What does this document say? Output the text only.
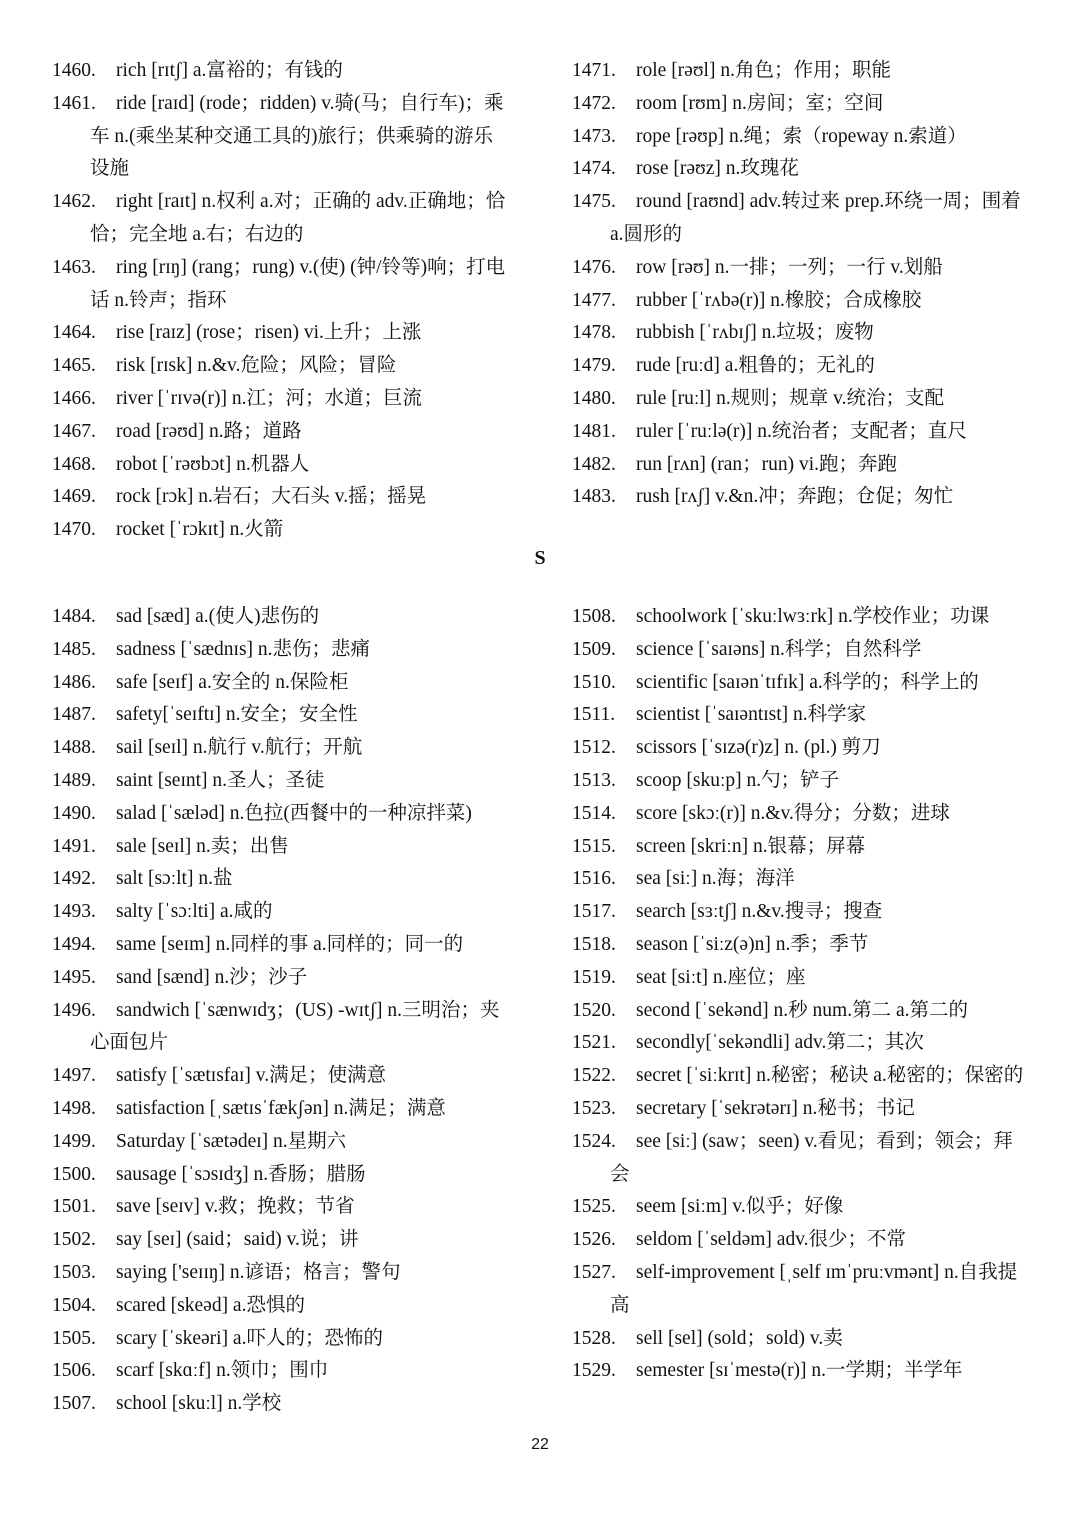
1460.	rich [rɪtʃ] a.富裕的；有钱的
1461.	ride [raɪd] (rode；ridden) v.骑(马；自行车)；乘车 n.(乘坐某种交通工具的)旅行；供乘骑的游乐设施
1462.	right [raɪt] n.权利 a.对；正确的 adv.正确地；恰恰；完全地 a.右；右边的
1463.	ring [rɪŋ] (rang；rung) v.(使) (钟/铃等)响；打电话 n.铃声；指环
1464.	rise [raɪz] (rose；risen) vi.上升；上涨
1465.	risk [rɪsk] n.&v.危险；风险；冒险
1466.	river [ˈrɪvə(r)] n.江；河；水道；巨流
1467.	road [rəʊd] n.路；道路
1468.	robot [ˈrəʊbɔt] n.机器人
1469.	rock [rɔk] n.岩石；大石头 v.摇；摇晃
1470.	rocket [ˈrɔkɪt] n.火箭
1471.	role [rəʊl] n.角色；作用；职能
1472.	room [rʊm] n.房间；室；空间
1473.	rope [rəʊp] n.绳；索（ropeway n.索道）
1474.	rose [rəʊz] n.玫瑰花
1475.	round [raʊnd] adv.转过来 prep.环绕一周；围着 a.圆形的
1476.	row [rəʊ] n.一排；一列；一行 v.划船
1477.	rubber [ˈrʌbə(r)] n.橡胶；合成橡胶
1478.	rubbish [ˈrʌbɪʃ] n.垃圾；废物
1479.	rude [ruːd] a.粗鲁的；无礼的
1480.	rule [ruːl] n.规则；规章 v.统治；支配
1481.	ruler [ˈruːlə(r)] n.统治者；支配者；直尺
1482.	run [rʌn] (ran；run) vi.跑；奔跑
1483.	rush [rʌʃ] v.&n.冲；奔跑；仓促；匆忙
S
1484.	sad [sæd] a.(使人)悲伤的
1485.	sadness [ˈsædnɪs] n.悲伤；悲痛
1486.	safe [seɪf] a.安全的 n.保险柜
1487.	safety[ˈseɪftɪ] n.安全；安全性
1488.	sail [seɪl] n.航行 v.航行；开航
1489.	saint [seɪnt] n.圣人；圣徒
1490.	salad [ˈsæləd] n.色拉(西餐中的一种凉拌菜)
1491.	sale [seɪl] n.卖；出售
1492.	salt [sɔːlt] n.盐
1493.	salty [ˈsɔːlti] a.咸的
1494.	same [seɪm] n.同样的事 a.同样的；同一的
1495.	sand [sænd] n.沙；沙子
1496.	sandwich [ˈsænwɪdʒ；(US) -wɪtʃ] n.三明治；夹心面包片
1497.	satisfy [ˈsætɪsfaɪ] v.满足；使满意
1498.	satisfaction [ˌsætɪsˈfækʃən] n.满足；满意
1499.	Saturday [ˈsætədeɪ] n.星期六
1500.	sausage [ˈsɔsɪdʒ] n.香肠；腊肠
1501.	save [seɪv] v.救；挽救；节省
1502.	say [seɪ] (said；said) v.说；讲
1503.	saying ['seɪɪŋ] n.谚语；格言；警句
1504.	scared [skeəd] a.恐惧的
1505.	scary [ˈskeəri] a.吓人的；恐怖的
1506.	scarf [skɑːf] n.领巾；围巾
1507.	school [skuːl] n.学校
1508.	schoolwork [ˈskuːlwɜːrk] n.学校作业；功课
1509.	science [ˈsaɪəns] n.科学；自然科学
1510.	scientific [saɪənˈtɪfɪk] a.科学的；科学上的
1511.	scientist [ˈsaɪəntɪst] n.科学家
1512.	scissors [ˈsɪzə(r)z] n. (pl.) 剪刀
1513.	scoop [skuːp] n.勺；铲子
1514.	score [skɔː(r)] n.&v.得分；分数；进球
1515.	screen [skriːn] n.银幕；屏幕
1516.	sea [siː] n.海；海洋
1517.	search [sɜːtʃ] n.&v.搜寻；搜查
1518.	season [ˈsiːz(ə)n] n.季；季节
1519.	seat [siːt] n.座位；座
1520.	second [ˈsekənd] n.秒 num.第二 a.第二的
1521.	secondly[ˈsekəndli] adv.第二；其次
1522.	secret [ˈsiːkrɪt] n.秘密；秘诀 a.秘密的；保密的
1523.	secretary [ˈsekrətərɪ] n.秘书；书记
1524.	see [siː] (saw；seen) v.看见；看到；领会；拜会
1525.	seem [siːm] v.似乎；好像
1526.	seldom [ˈseldəm] adv.很少；不常
1527.	self-improvement [ˌself ɪmˈpruːvmənt] n.自我提高
1528.	sell [sel] (sold；sold) v.卖
1529.	semester [sɪˈmestə(r)] n.一学期；半学年
22
